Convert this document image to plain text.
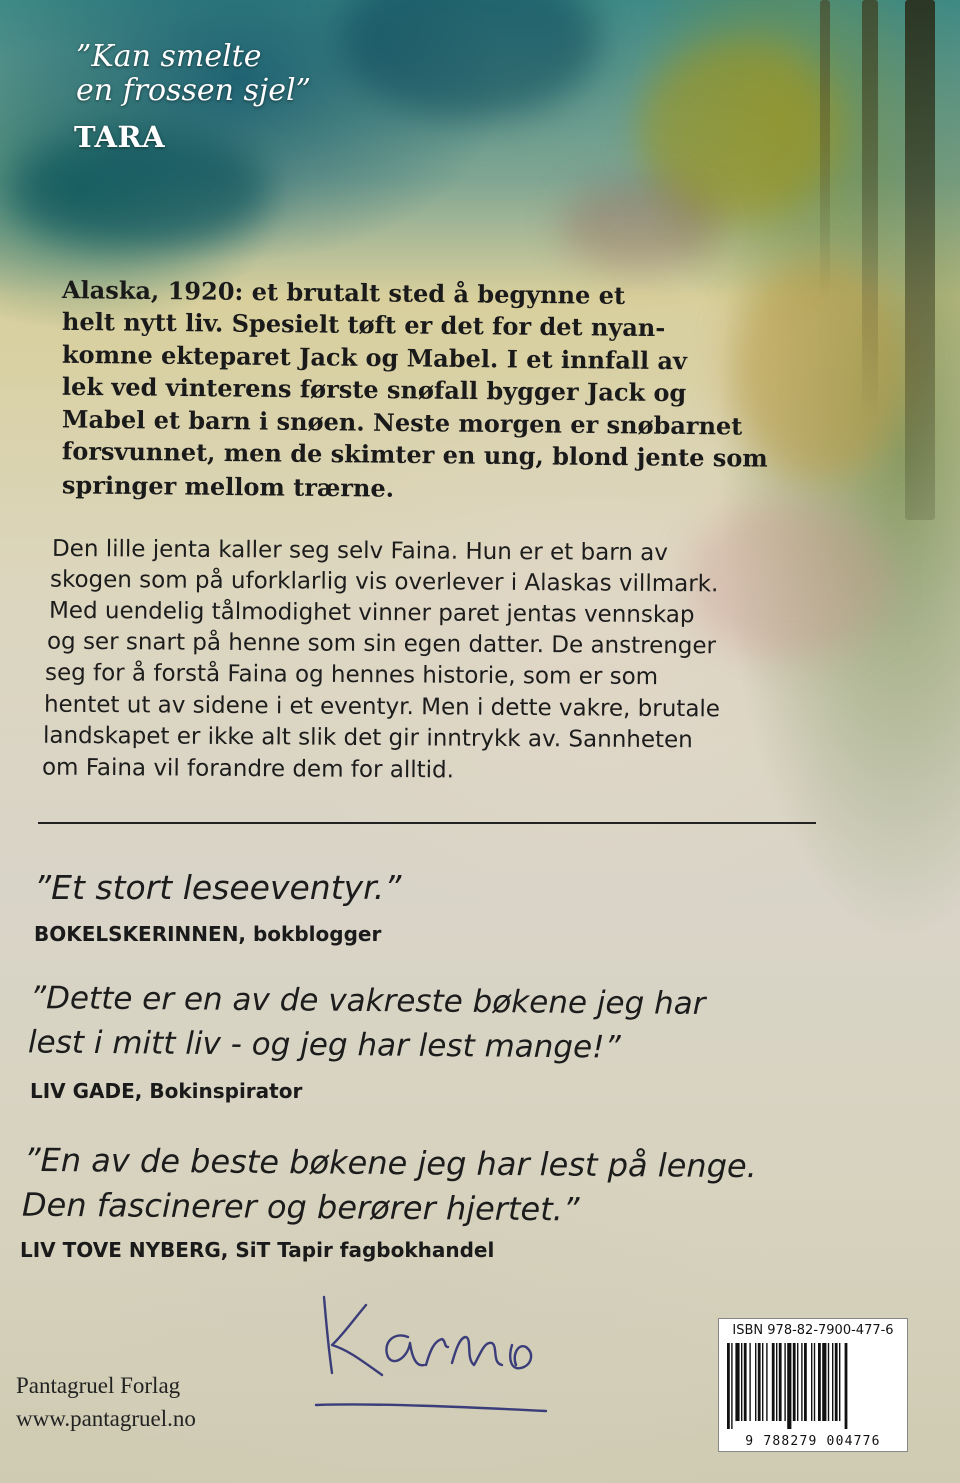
”Kan smelte
en frossen sjel”

TARA

Alaska, 1920: et brutalt sted å begynne et

helt nytt liv. Spesielt tøft er det for det nyan-

komne ekteparet Jack og Mabel. I et innfall av

lek ved vinterens første snøfall bygger Jack og

Mabel et barn i snøen. Neste morgen er snøbarnet

forsvunnet, men de skimter en ung, blond jente som

springer mellom trærne.

Den lille jenta kaller seg selv Faina. Hun er et barn av

skogen som på uforklarlig vis overlever i Alaskas villmark.

Med uendelig tålmodighet vinner paret jentas vennskap

og ser snart på henne som sin egen datter. De anstrenger

seg for å forstå Faina og hennes historie, som er som

hentet ut av sidene i et eventyr. Men i dette vakre, brutale

landskapet er ikke alt slik det gir inntrykk av. Sannheten

om Faina vil forandre dem for alltid.

”Et stort leseeventyr.”

BOKELSKERINNEN, bokblogger

”Dette er en av de vakreste bøkene jeg har

lest i mitt liv - og jeg har lest mange!”

LIV GADE, Bokinspirator

”En av de beste bøkene jeg har lest på lenge.

Den fascinerer og berører hjertet.”

LIV TOVE NYBERG, SiT Tapir fagbokhandel

Pantagruel Forlag

www.pantagruel.no

ISBN 978-82-7900-477-6
9 788279 004776
